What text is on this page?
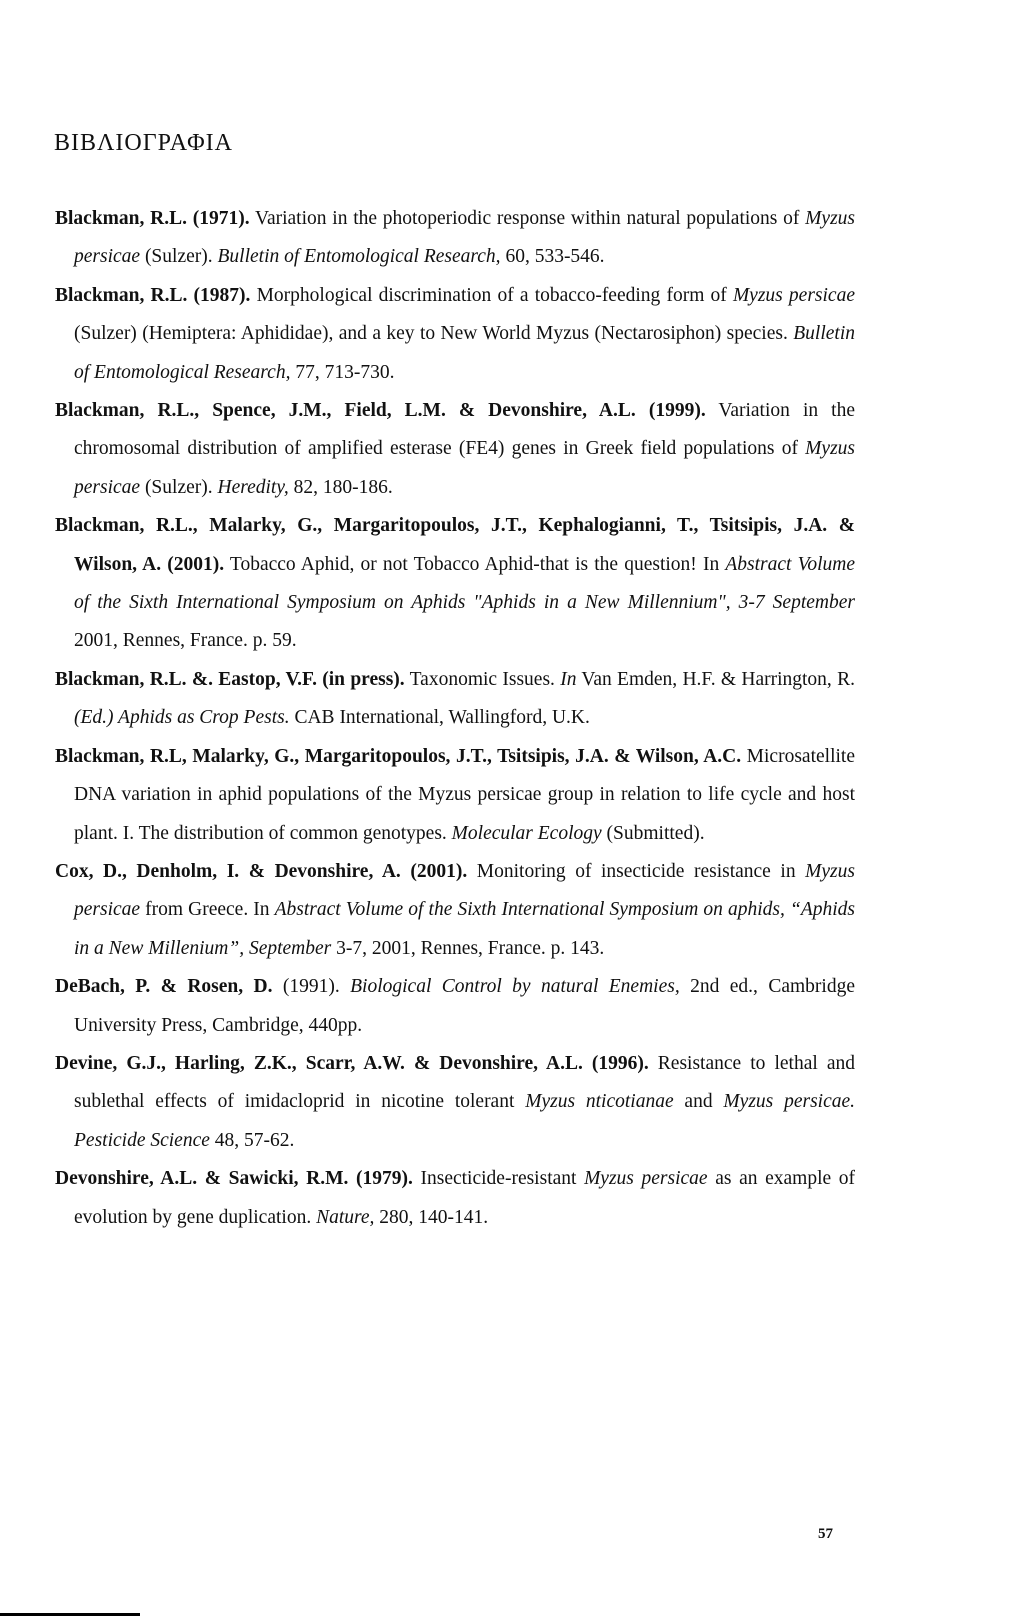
ΒΙΒΛΙΟΓΡΑΦΙΑ

Blackman, R.L. (1971). Variation in the photoperiodic response within natural populations of Myzus persicae (Sulzer). Bulletin of Entomological Research, 60, 533-546.

Blackman, R.L. (1987). Morphological discrimination of a tobacco-feeding form of Myzus persicae (Sulzer) (Hemiptera: Aphididae), and a key to New World Myzus (Nectarosiphon) species. Bulletin of Entomological Research, 77, 713-730.

Blackman, R.L., Spence, J.M., Field, L.M. & Devonshire, A.L. (1999). Variation in the chromosomal distribution of amplified esterase (FE4) genes in Greek field populations of Myzus persicae (Sulzer). Heredity, 82, 180-186.

Blackman, R.L., Malarky, G., Margaritopoulos, J.T., Kephalogianni, T., Tsitsipis, J.A. & Wilson, A. (2001). Tobacco Aphid, or not Tobacco Aphid-that is the question! In Abstract Volume of the Sixth International Symposium on Aphids "Aphids in a New Millennium", 3-7 September 2001, Rennes, France. p. 59.

Blackman, R.L. &. Eastop, V.F. (in press). Taxonomic Issues. In Van Emden, H.F. & Harrington, R. (Ed.) Aphids as Crop Pests. CAB International, Wallingford, U.K.

Blackman, R.L, Malarky, G., Margaritopoulos, J.T., Tsitsipis, J.A. & Wilson, A.C. Microsatellite DNA variation in aphid populations of the Myzus persicae group in relation to life cycle and host plant. I. The distribution of common genotypes. Molecular Ecology (Submitted).

Cox, D., Denholm, I. & Devonshire, A. (2001). Monitoring of insecticide resistance in Myzus persicae from Greece. In Abstract Volume of the Sixth International Symposium on aphids, “Aphids in a New Millenium”, September 3-7, 2001, Rennes, France. p. 143.

DeBach, P. & Rosen, D. (1991). Biological Control by natural Enemies, 2nd ed., Cambridge University Press, Cambridge, 440pp.

Devine, G.J., Harling, Z.K., Scarr, A.W. & Devonshire, A.L. (1996). Resistance to lethal and sublethal effects of imidacloprid in nicotine tolerant Myzus nticotianae and Myzus persicae. Pesticide Science 48, 57-62.

Devonshire, A.L. & Sawicki, R.M. (1979). Insecticide-resistant Myzus persicae as an example of evolution by gene duplication. Nature, 280, 140-141.

57
